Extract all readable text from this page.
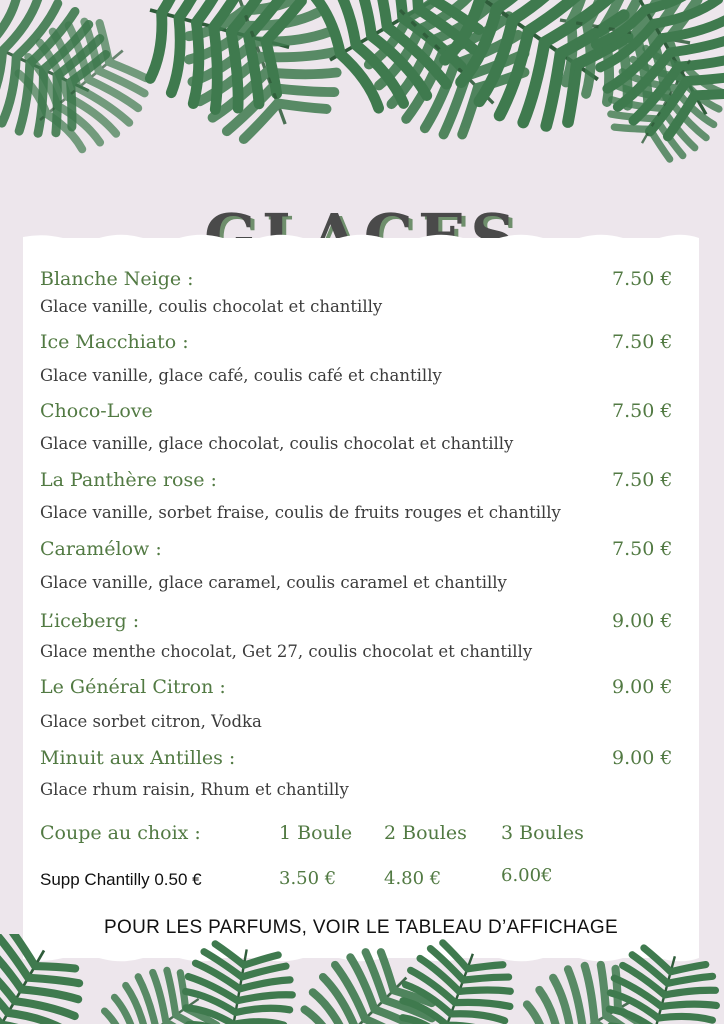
Blanche Neige :	7.50 €
Glace vanille, coulis chocolat et chantilly
Ice Macchiato :	7.50 €
Glace vanille, glace café, coulis café et chantilly
Choco-Love	7.50 €
Glace vanille, glace chocolat, coulis chocolat et chantilly
La Panthère rose :	7.50 €
Glace vanille, sorbet fraise, coulis de fruits rouges et chantilly
Caramélow :	7.50 €
Glace vanille, glace caramel, coulis caramel et chantilly
L’iceberg :	9.00 €
Glace menthe chocolat, Get 27, coulis chocolat et chantilly
Le Général Citron :	9.00 €
Glace sorbet citron, Vodka
Minuit aux Antilles :	9.00 €
Glace rhum raisin, Rhum et chantilly
Coupe au choix :	1 Boule 2 Boules 3 Boules
Supp Chantilly 0.50 €	3.50 €	4.80 €	6.00€
POUR LES PARFUMS, VOIR LE TABLEAU D’AFFICHAGE
